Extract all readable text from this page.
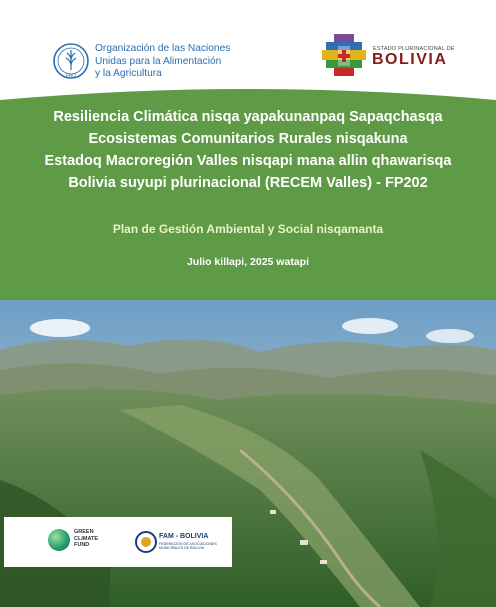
FAO
Organización de las Naciones
Unidas para la Alimentación
y la Agricultura
ESTADO PLURINACIONAL DE
BOLIVIA
Resiliencia Climática nisqa yapakunanpaq Sapaqchasqa
Ecosistemas Comunitarios Rurales nisqakuna
Estadoq Macroregión Valles nisqapi mana allin qhawarisqa
Bolivia suyupi plurinacional (RECEM Valles) - FP202
Plan de Gestión Ambiental y Social nisqamanta
Julio killapi, 2025 watapi
GREEN
CLIMATE
FUND
FAM - BOLIVIA
FEDERACIÓN DE ASOCIACIONES MUNICIPALES DE BOLIVIA
